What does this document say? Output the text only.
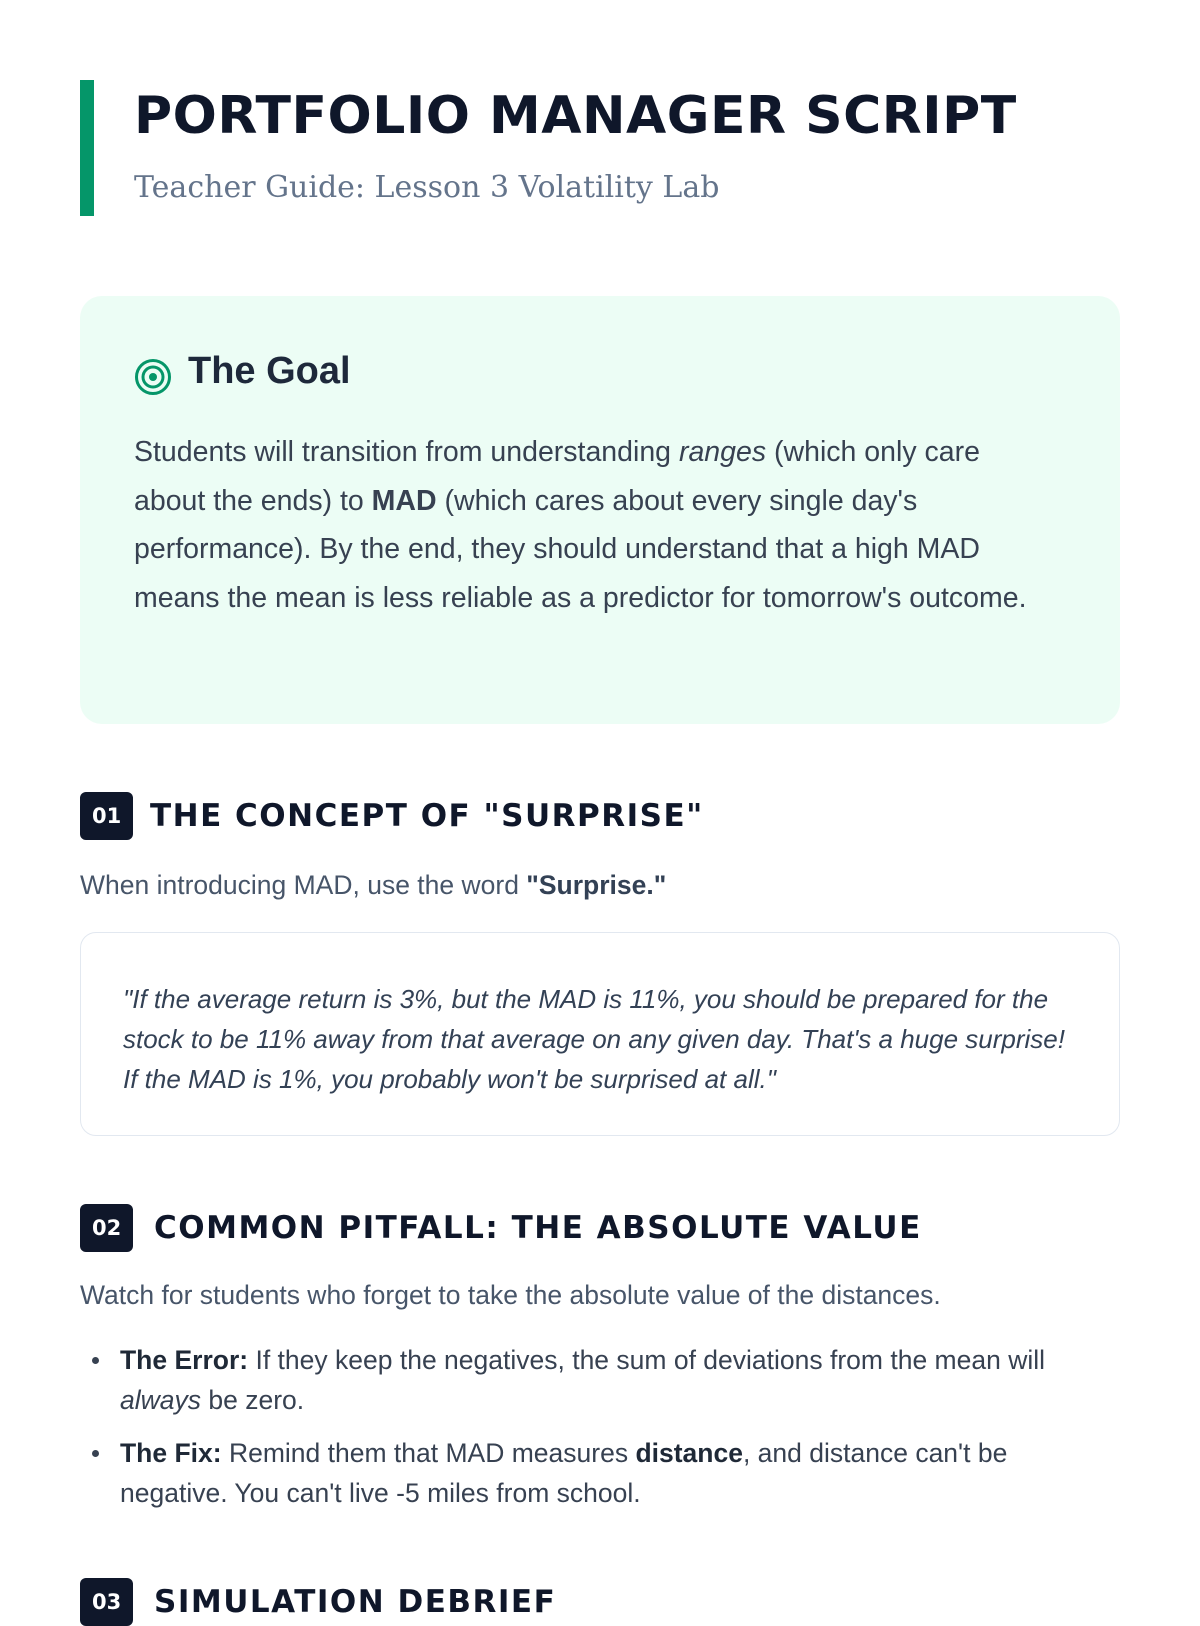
PORTFOLIO MANAGER SCRIPT

Teacher Guide: Lesson 3 Volatility Lab

The Goal

Students will transition from understanding ranges (which only care about the ends) to MAD (which cares about every single day's performance). By the end, they should understand that a high MAD means the mean is less reliable as a predictor for tomorrow's outcome.

01 THE CONCEPT OF "SURPRISE"

When introducing MAD, use the word "Surprise."

"If the average return is 3%, but the MAD is 11%, you should be prepared for the stock to be 11% away from that average on any given day. That's a huge surprise! If the MAD is 1%, you probably won't be surprised at all."

02	COMMON PITFALL: THE ABSOLUTE VALUE

Watch for students who forget to take the absolute value of the distances.

The Error: If they keep the negatives, the sum of deviations from the mean will always be zero.
The Fix: Remind them that MAD measures distance, and distance can't be negative. You can't live -5 miles from school.
03	SIMULATION DEBRIEF
